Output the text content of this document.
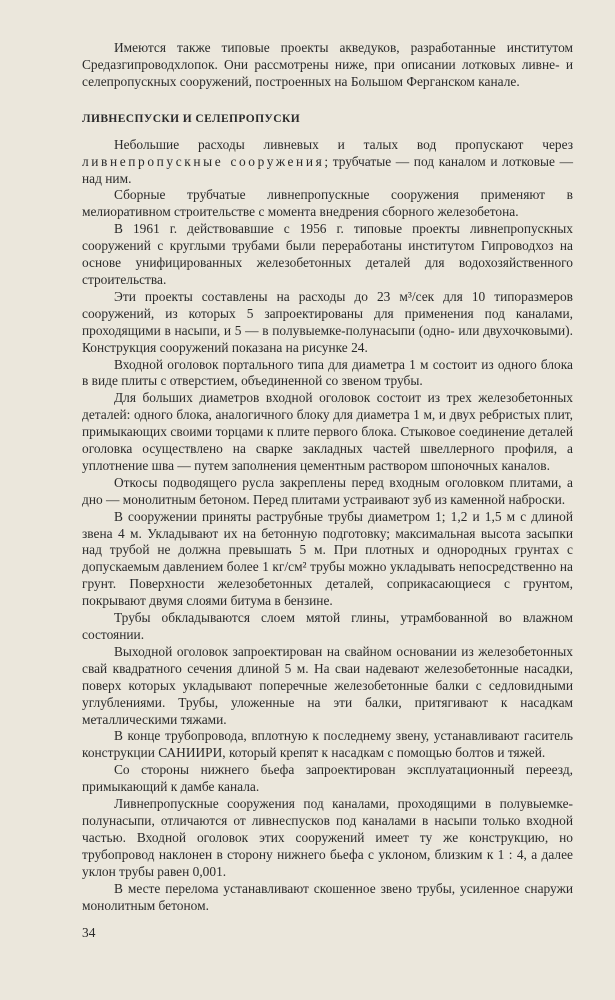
Имеются также типовые проекты акведуков, разработанные институтом Средазгипроводхлопок. Они рассмотрены ниже, при описании лотковых ливне- и селепропускных сооружений, построенных на Большом Ферганском канале.

ЛИВНЕСПУСКИ И СЕЛЕПРОПУСКИ

Небольшие расходы ливневых и талых вод пропускают через ливнепропускные сооружения; трубчатые — под каналом и лотковые — над ним.

Сборные трубчатые ливнепропускные сооружения применяют в мелиоративном строительстве с момента внедрения сборного железобетона.

В 1961 г. действовавшие с 1956 г. типовые проекты ливнепропускных сооружений с круглыми трубами были переработаны институтом Гипроводхоз на основе унифицированных железобетонных деталей для водохозяйственного строительства.

Эти проекты составлены на расходы до 23 м³/сек для 10 типоразмеров сооружений, из которых 5 запроектированы для применения под каналами, проходящими в насыпи, и 5 — в полувыемке-полунасыпи (одно- или двухочковыми). Конструкция сооружений показана на рисунке 24.

Входной оголовок портального типа для диаметра 1 м состоит из одного блока в виде плиты с отверстием, объединенной со звеном трубы.

Для больших диаметров входной оголовок состоит из трех железобетонных деталей: одного блока, аналогичного блоку для диаметра 1 м, и двух ребристых плит, примыкающих своими торцами к плите первого блока. Стыковое соединение деталей оголовка осуществлено на сварке закладных частей швеллерного профиля, а уплотнение шва — путем заполнения цементным раствором шпоночных каналов.

Откосы подводящего русла закреплены перед входным оголовком плитами, а дно — монолитным бетоном. Перед плитами устраивают зуб из каменной наброски.

В сооружении приняты раструбные трубы диаметром 1; 1,2 и 1,5 м с длиной звена 4 м. Укладывают их на бетонную подготовку; максимальная высота засыпки над трубой не должна превышать 5 м. При плотных и однородных грунтах с допускаемым давлением более 1 кг/см² трубы можно укладывать непосредственно на грунт. Поверхности железобетонных деталей, соприкасающиеся с грунтом, покрывают двумя слоями битума в бензине.

Трубы обкладываются слоем мятой глины, утрамбованной во влажном состоянии.

Выходной оголовок запроектирован на свайном основании из железобетонных свай квадратного сечения длиной 5 м. На сваи надевают железобетонные насадки, поверх которых укладывают поперечные железобетонные балки с седловидными углублениями. Трубы, уложенные на эти балки, притягивают к насадкам металлическими тяжами.

В конце трубопровода, вплотную к последнему звену, устанавливают гаситель конструкции САНИИРИ, который крепят к насадкам с помощью болтов и тяжей.

Со стороны нижнего бьефа запроектирован эксплуатационный переезд, примыкающий к дамбе канала.

Ливнепропускные сооружения под каналами, проходящими в полувыемке-полунасыпи, отличаются от ливнеспусков под каналами в насыпи только входной частью. Входной оголовок этих сооружений имеет ту же конструкцию, но трубопровод наклонен в сторону нижнего бьефа с уклоном, близким к 1 : 4, а далее уклон трубы равен 0,001.

В месте перелома устанавливают скошенное звено трубы, усиленное снаружи монолитным бетоном.

34
